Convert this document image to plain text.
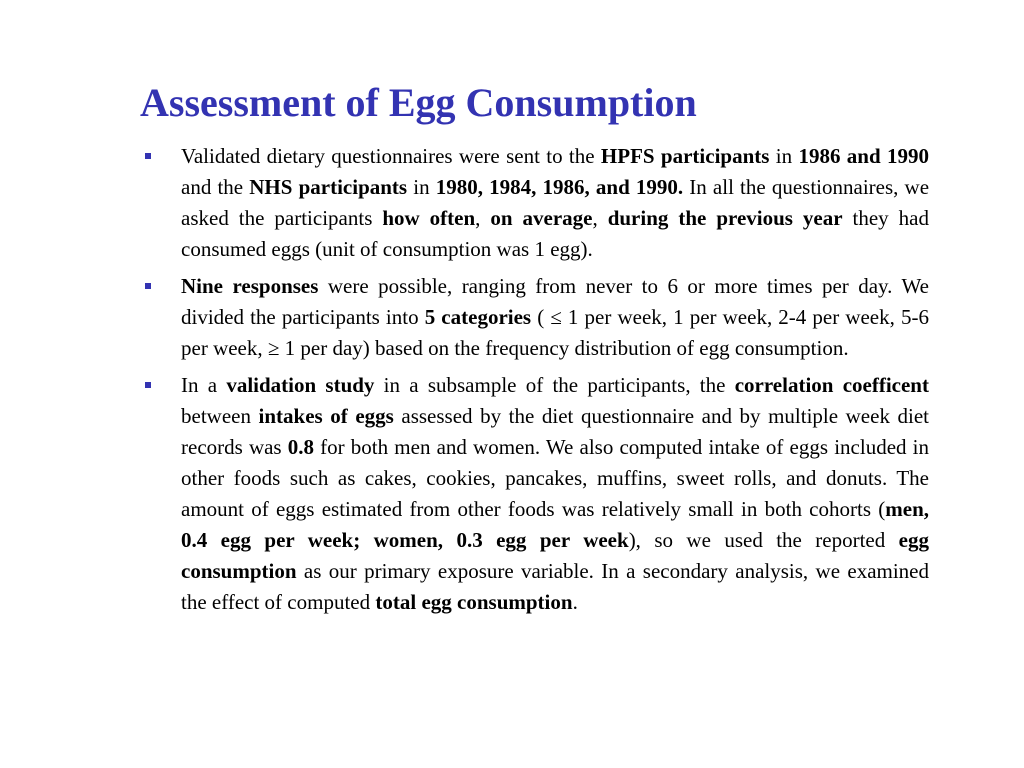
Assessment of Egg Consumption
Validated dietary questionnaires were sent to the HPFS participants in 1986 and 1990 and the NHS participants in 1980, 1984, 1986, and 1990. In all the questionnaires, we asked the participants how often, on average, during the previous year they had consumed eggs (unit of consumption was 1 egg).
Nine responses were possible, ranging from never to 6 or more times per day. We divided the participants into 5 categories ( ≤ 1 per week, 1 per week, 2-4 per week, 5-6 per week, ≥ 1 per day) based on the frequency distribution of egg consumption.
In a validation study in a subsample of the participants, the correlation coefficent between intakes of eggs assessed by the diet questionnaire and by multiple week diet records was 0.8 for both men and women. We also computed intake of eggs included in other foods such as cakes, cookies, pancakes, muffins, sweet rolls, and donuts. The amount of eggs estimated from other foods was relatively small in both cohorts (men, 0.4 egg per week; women, 0.3 egg per week), so we used the reported egg consumption as our primary exposure variable. In a secondary analysis, we examined the effect of computed total egg consumption.
